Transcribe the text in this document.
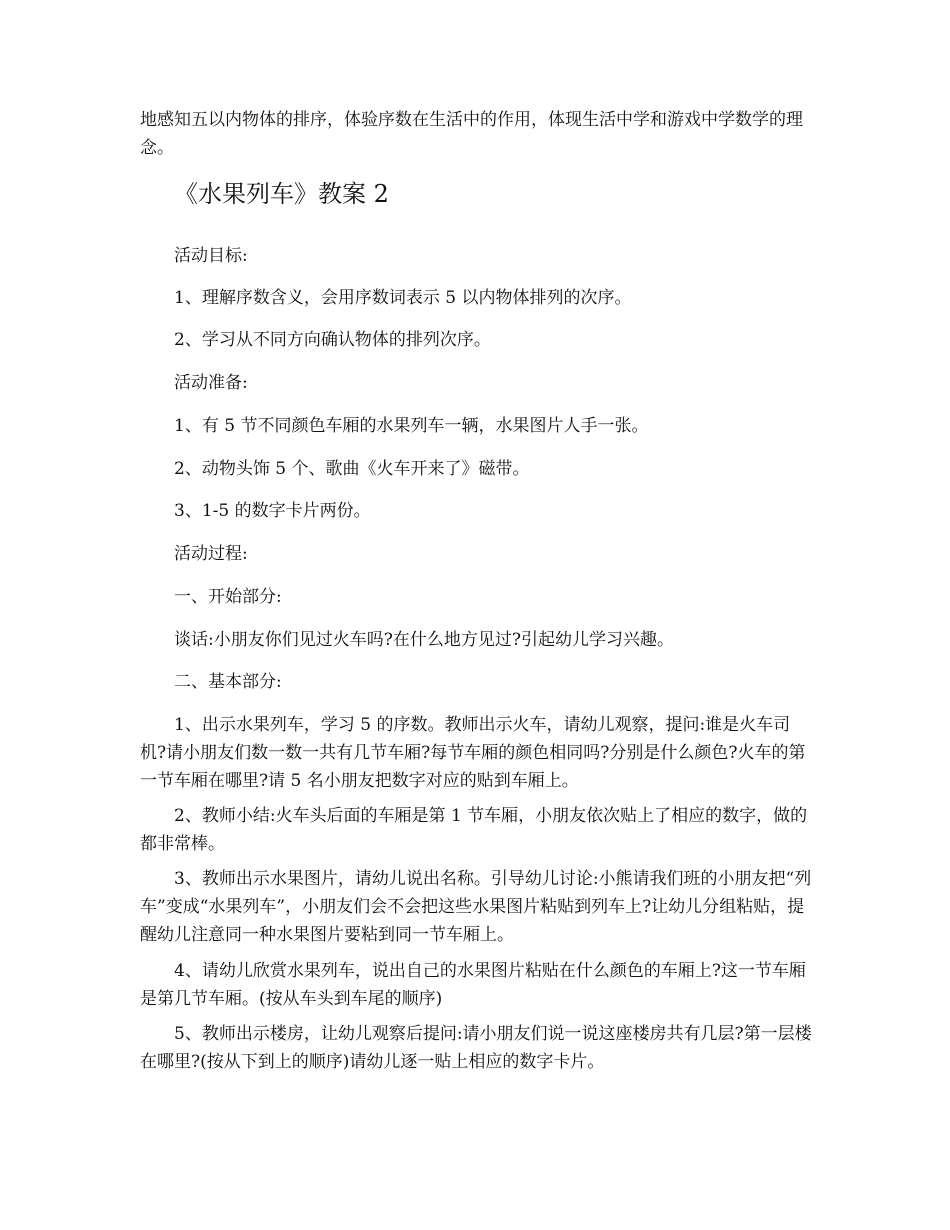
地感知五以内物体的排序，体验序数在生活中的作用，体现生活中学和游戏中学数学的理念。

《水果列车》教案 2

活动目标:

1、理解序数含义，会用序数词表示 5 以内物体排列的次序。

2、学习从不同方向确认物体的排列次序。

活动准备:

1、有 5 节不同颜色车厢的水果列车一辆，水果图片人手一张。

2、动物头饰 5 个、歌曲《火车开来了》磁带。

3、1-5 的数字卡片两份。

活动过程:

一、开始部分:

谈话:小朋友你们见过火车吗?在什么地方见过?引起幼儿学习兴趣。

二、基本部分:

1、出示水果列车，学习 5 的序数。教师出示火车，请幼儿观察，提问:谁是火车司机?请小朋友们数一数一共有几节车厢?每节车厢的颜色相同吗?分别是什么颜色?火车的第一节车厢在哪里?请 5 名小朋友把数字对应的贴到车厢上。

2、教师小结:火车头后面的车厢是第 1 节车厢，小朋友依次贴上了相应的数字，做的都非常棒。

3、教师出示水果图片，请幼儿说出名称。引导幼儿讨论:小熊请我们班的小朋友把“列车”变成“水果列车”，小朋友们会不会把这些水果图片粘贴到列车上?让幼儿分组粘贴，提醒幼儿注意同一种水果图片要粘到同一节车厢上。

4、请幼儿欣赏水果列车，说出自己的水果图片粘贴在什么颜色的车厢上?这一节车厢是第几节车厢。(按从车头到车尾的顺序)

5、教师出示楼房，让幼儿观察后提问:请小朋友们说一说这座楼房共有几层?第一层楼在哪里?(按从下到上的顺序)请幼儿逐一贴上相应的数字卡片。
